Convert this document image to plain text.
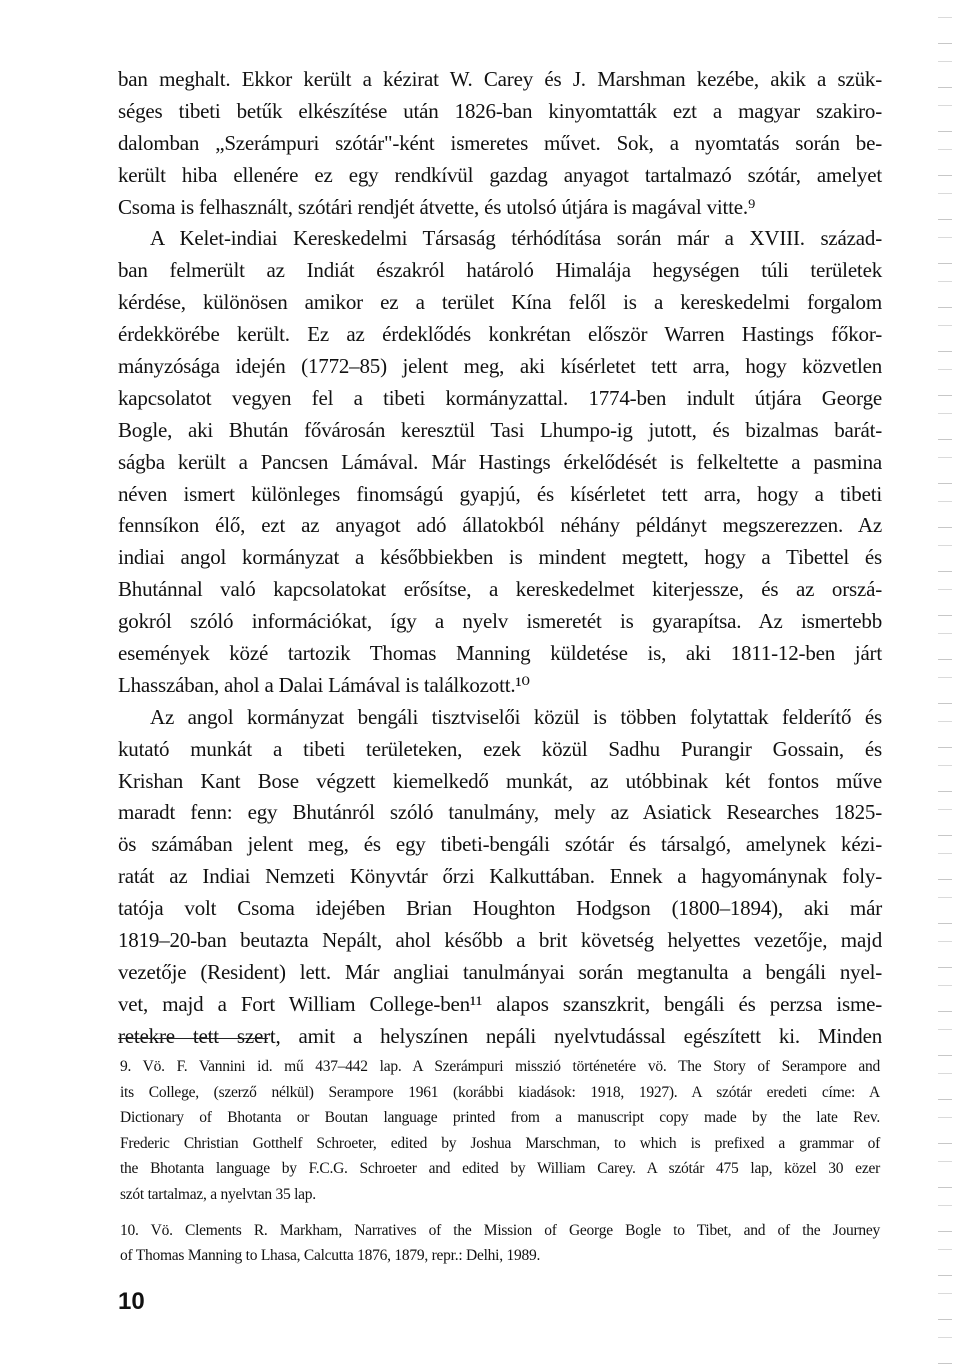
ban meghalt. Ekkor került a kézirat W. Carey és J. Marshman kezébe, akik a szük-
séges tibeti betűk elkészítése után 1826-ban kinyomtatták ezt a magyar szakiro-
dalomban „Szerámpuri szótár"-ként ismeretes művet. Sok, a nyomtatás során be-
került hiba ellenére ez egy rendkívül gazdag anyagot tartalmazó szótár, amelyet
Csoma is felhasznált, szótári rendjét átvette, és utolsó útjára is magával vitte.⁹
A Kelet-indiai Kereskedelmi Társaság térhódítása során már a XVIII. század-
ban felmerült az Indiát északról határoló Himalája hegységen túli területek
kérdése, különösen amikor ez a terület Kína felől is a kereskedelmi forgalom
érdekkörébe került. Ez az érdeklődés konkrétan először Warren Hastings főkor-
mányzósága idején (1772–85) jelent meg, aki kísérletet tett arra, hogy közvetlen
kapcsolatot vegyen fel a tibeti kormányzattal. 1774-ben indult útjára George
Bogle, aki Bhután fővárosán keresztül Tasi Lhumpo-ig jutott, és bizalmas barát-
ságba került a Pancsen Lámával. Már Hastings érkelődését is felkeltette a pasmina
néven ismert különleges finomságú gyapjú, és kísérletet tett arra, hogy a tibeti
fennsíkon élő, ezt az anyagot adó állatokból néhány példányt megszerezzen. Az
indiai angol kormányzat a későbbiekben is mindent megtett, hogy a Tibettel és
Bhutánnal való kapcsolatokat erősítse, a kereskedelmet kiterjessze, és az orszá-
gokról szóló információkat, így a nyelv ismeretét is gyarapítsa. Az ismertebb
események közé tartozik Thomas Manning küldetése is, aki 1811-12-ben járt
Lhasszában, ahol a Dalai Lámával is találkozott.¹⁰
Az angol kormányzat bengáli tisztviselői közül is többen folytattak felderítő és
kutató munkát a tibeti területeken, ezek közül Sadhu Purangir Gossain, és
Krishan Kant Bose végzett kiemelkedő munkát, az utóbbinak két fontos műve
maradt fenn: egy Bhutánról szóló tanulmány, mely az Asiatick Researches 1825-
ös számában jelent meg, és egy tibeti-bengáli szótár és társalgó, amelynek kézi-
ratát az Indiai Nemzeti Könyvtár őrzi Kalkuttában. Ennek a hagyománynak foly-
tatója volt Csoma idejében Brian Houghton Hodgson (1800–1894), aki már
1819–20-ban beutazta Nepált, ahol később a brit követség helyettes vezetője, majd
vezetője (Resident) lett. Már angliai tanulmányai során megtanulta a bengáli nyel-
vet, majd a Fort William College-ben¹¹ alapos szanszkrit, bengáli és perzsa isme-
retekre tett szert, amit a helyszínen nepáli nyelvtudással egészített ki. Minden
9. Vö. F. Vannini id. mű 437–442 lap. A Szerámpuri misszió történetére vö. The Story of Serampore and
its College, (szerző nélkül) Serampore 1961 (korábbi kiadások: 1918, 1927). A szótár eredeti címe: A
Dictionary of Bhotanta or Boutan language printed from a manuscript copy made by the late Rev.
Frederic Christian Gotthelf Schroeter, edited by Joshua Marschman, to which is prefixed a grammar of
the Bhotanta language by F.C.G. Schroeter and edited by William Carey. A szótár 475 lap, közel 30 ezer
szót tartalmaz, a nyelvtan 35 lap.
10. Vö. Clements R. Markham, Narratives of the Mission of George Bogle to Tibet, and of the Journey
of Thomas Manning to Lhasa, Calcutta 1876, 1879, repr.: Delhi, 1989.
10
